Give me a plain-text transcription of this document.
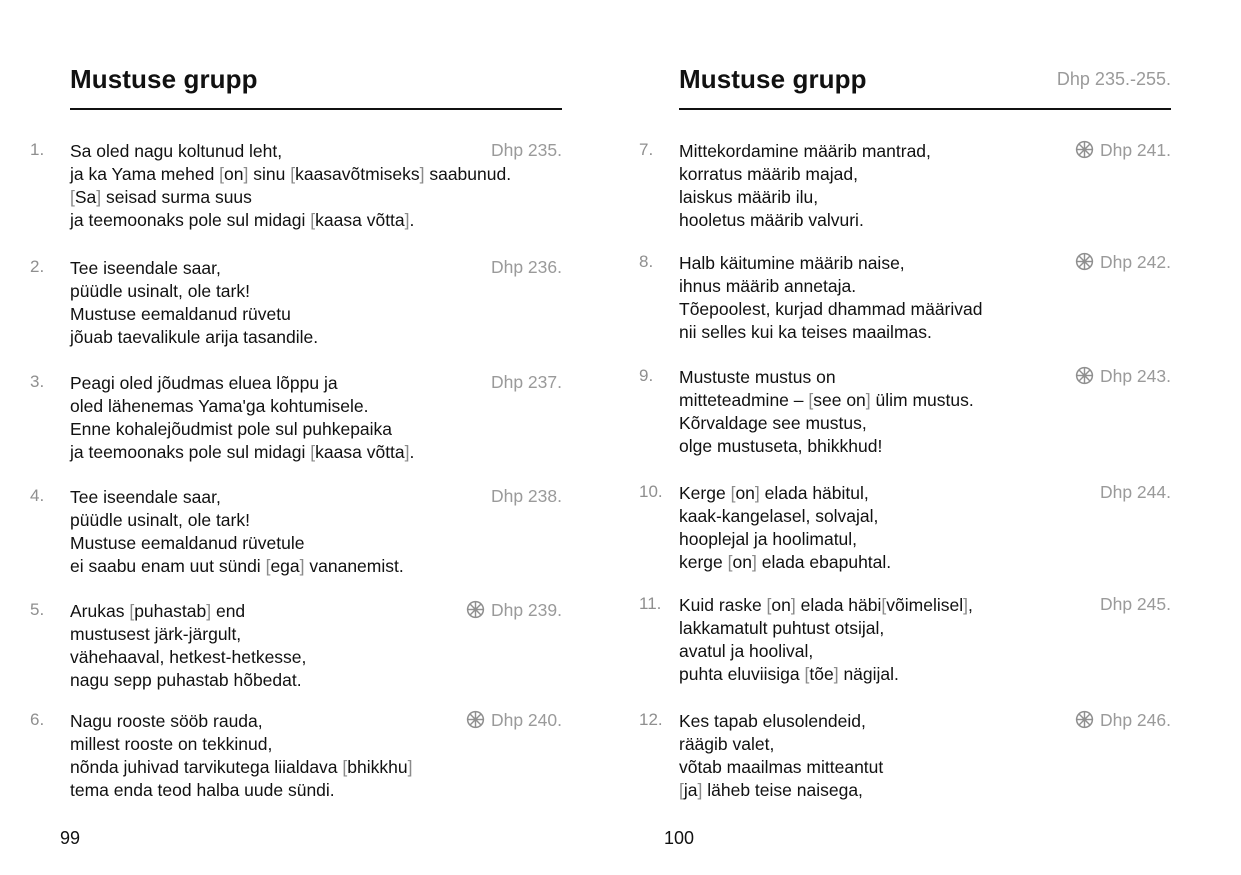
Mustuse grupp
1.	Sa oled nagu koltunud leht,
ja ka Yama mehed [on] sinu [kaasavõtmiseks] saabunud.
[Sa] seisad surma suus
ja teemoonaks pole sul midagi [kaasa võtta].
Dhp 235.
2.	Tee iseendale saar,
püüdle usinalt, ole tark!
Mustuse eemaldanud rüvetu
jõuab taevalikule arija tasandile.
Dhp 236.
3.	Peagi oled jõudmas eluea lõppu ja
oled lähenemas Yama'ga kohtumisele.
Enne kohalejõudmist pole sul puhkepaika
ja teemoonaks pole sul midagi [kaasa võtta].
Dhp 237.
4.	Tee iseendale saar,
püüdle usinalt, ole tark!
Mustuse eemaldanud rüvetule
ei saabu enam uut sündi [ega] vananemist.
Dhp 238.
5.	Arukas [puhastab] end
mustusest järk-järgult,
vähehaaval, hetkest-hetkesse,
nagu sepp puhastab hõbedat.
Dhp 239.
6.	Nagu rooste sööb rauda,
millest rooste on tekkinud,
nõnda juhivad tarvikutega liialdava [bhikkhu]
tema enda teod halba uude sündi.
Dhp 240.
99
Mustuse grupp	Dhp 235.-255.
7.	Mittekordamine määrib mantrad,
korratus määrib majad,
laiskus määrib ilu,
hooletus määrib valvuri.
Dhp 241.
8.	Halb käitumine määrib naise,
ihnus määrib annetaja.
Tõepoolest, kurjad dhammad määrivad
nii selles kui ka teises maailmas.
Dhp 242.
9.	Mustuste mustus on
mitteteadmine – [see on] ülim mustus.
Kõrvaldage see mustus,
olge mustuseta, bhikkhud!
Dhp 243.
10. Kerge [on] elada häbitul,
kaak-kangelasel, solvajal,
hooplejal ja hoolimatul,
kerge [on] elada ebapuhtal.
Dhp 244.
11.	Kuid raske [on] elada häbi[võimelisel],
lakkamatult puhtust otsijal,
avatul ja hoolival,
puhta eluviisiga [tõe] nägijal.
Dhp 245.
12. Kes tapab elusolendeid,
räägib valet,
võtab maailmas mitteantut
[ja] läheb teise naisega,
Dhp 246.
100
